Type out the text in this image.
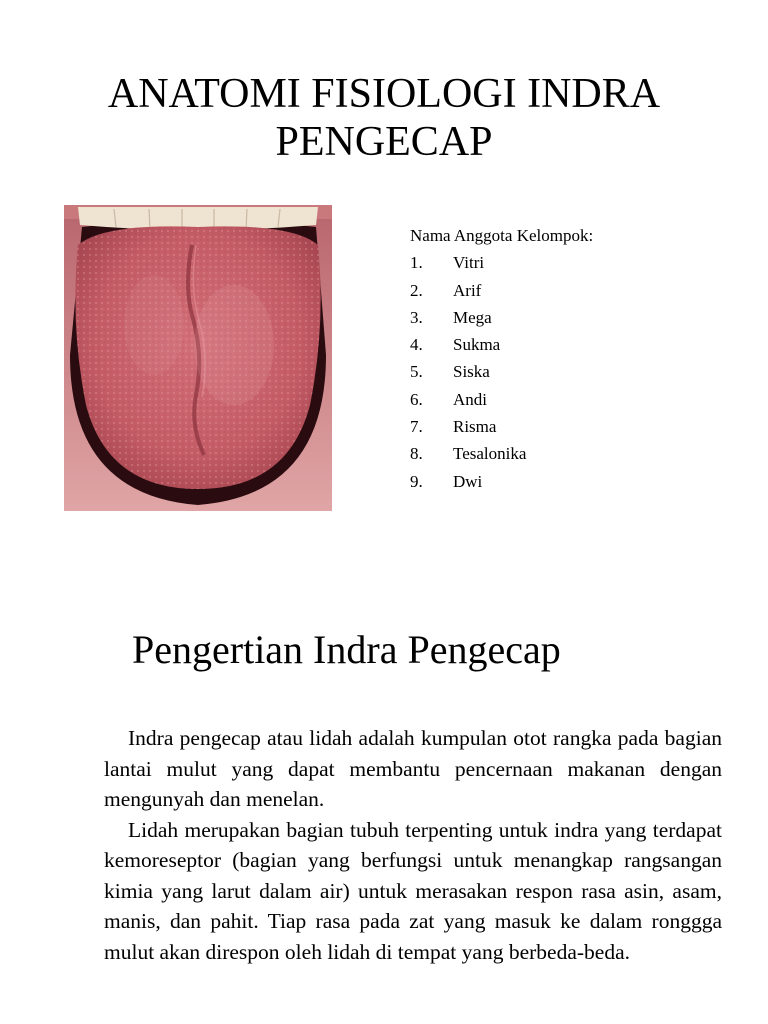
ANATOMI FISIOLOGI INDRA PENGECAP

Nama Anggota Kelompok:

1.	Vitri
2.	Arif
3.	Mega
4.	Sukma
5.	Siska
6.	Andi
7.	Risma
8.	Tesalonika
9.	Dwi
Pengertian Indra Pengecap

Indra pengecap atau lidah adalah kumpulan otot rangka pada bagian lantai mulut yang dapat membantu pencernaan makanan dengan mengunyah dan menelan.

Lidah merupakan bagian tubuh terpenting untuk indra yang terdapat kemoreseptor (bagian yang berfungsi untuk menangkap rangsangan kimia yang larut dalam air) untuk merasakan respon rasa asin, asam, manis, dan pahit. Tiap rasa pada zat yang masuk ke dalam ronggga mulut akan direspon oleh lidah di tempat yang berbeda-beda.
